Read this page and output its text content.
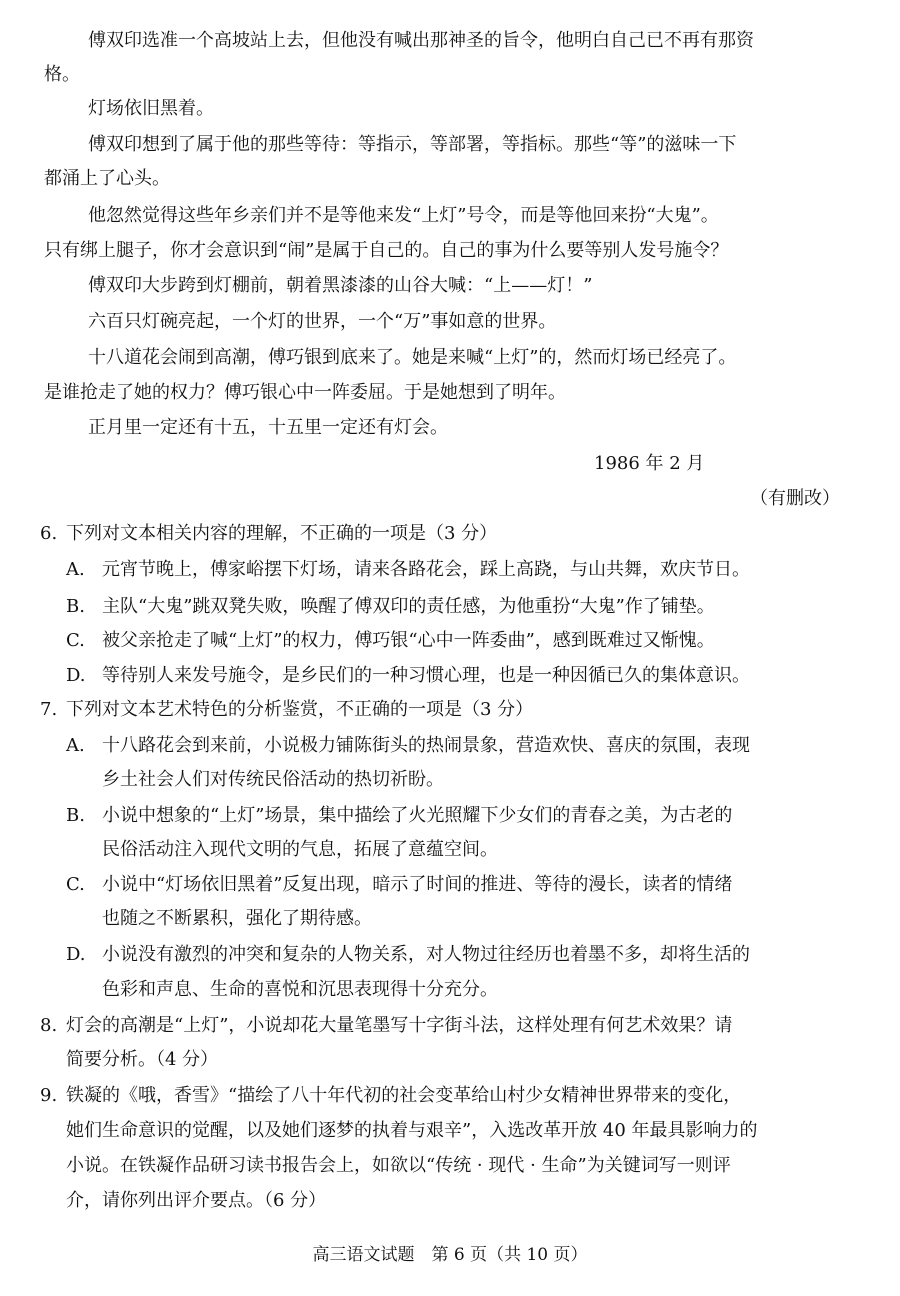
傅双印选准一个高坡站上去，但他没有喊出那神圣的旨令，他明白自己已不再有那资
格。
灯场依旧黑着。
傅双印想到了属于他的那些等待：等指示，等部署，等指标。那些“等”的滋味一下
都涌上了心头。
他忽然觉得这些年乡亲们并不是等他来发“上灯”号令，而是等他回来扮“大鬼”。
只有绑上腿子，你才会意识到“闹”是属于自己的。自己的事为什么要等别人发号施令？
傅双印大步跨到灯棚前，朝着黑漆漆的山谷大喊：“上——灯！”
六百只灯碗亮起，一个灯的世界，一个“万”事如意的世界。
十八道花会闹到高潮，傅巧银到底来了。她是来喊“上灯”的，然而灯场已经亮了。
是谁抢走了她的权力？傅巧银心中一阵委屈。于是她想到了明年。
正月里一定还有十五，十五里一定还有灯会。
1986 年 2 月
（有删改）
6. 下列对文本相关内容的理解，不正确的一项是（3 分）
A. 元宵节晚上，傅家峪摆下灯场，请来各路花会，踩上高跷，与山共舞，欢庆节日。
B. 主队“大鬼”跳双凳失败，唤醒了傅双印的责任感，为他重扮“大鬼”作了铺垫。
C. 被父亲抢走了喊“上灯”的权力，傅巧银“心中一阵委曲”，感到既难过又惭愧。
D. 等待别人来发号施令，是乡民们的一种习惯心理，也是一种因循已久的集体意识。
7. 下列对文本艺术特色的分析鉴赏，不正确的一项是（3 分）
A. 十八路花会到来前，小说极力铺陈街头的热闹景象，营造欢快、喜庆的氛围，表现
乡土社会人们对传统民俗活动的热切祈盼。
B. 小说中想象的“上灯”场景，集中描绘了火光照耀下少女们的青春之美，为古老的
民俗活动注入现代文明的气息，拓展了意蕴空间。
C. 小说中“灯场依旧黑着”反复出现，暗示了时间的推进、等待的漫长，读者的情绪
也随之不断累积，强化了期待感。
D. 小说没有激烈的冲突和复杂的人物关系，对人物过往经历也着墨不多，却将生活的
色彩和声息、生命的喜悦和沉思表现得十分充分。
8. 灯会的高潮是“上灯”，小说却花大量笔墨写十字街斗法，这样处理有何艺术效果？请
简要分析。（4 分）
9. 铁凝的《哦，香雪》“描绘了八十年代初的社会变革给山村少女精神世界带来的变化，
她们生命意识的觉醒，以及她们逐梦的执着与艰辛”，入选改革开放 40 年最具影响力的
小说。在铁凝作品研习读书报告会上，如欲以“传统 · 现代 · 生命”为关键词写一则评
介，请你列出评介要点。（6 分）
高三语文试题　第 6 页（共 10 页）
